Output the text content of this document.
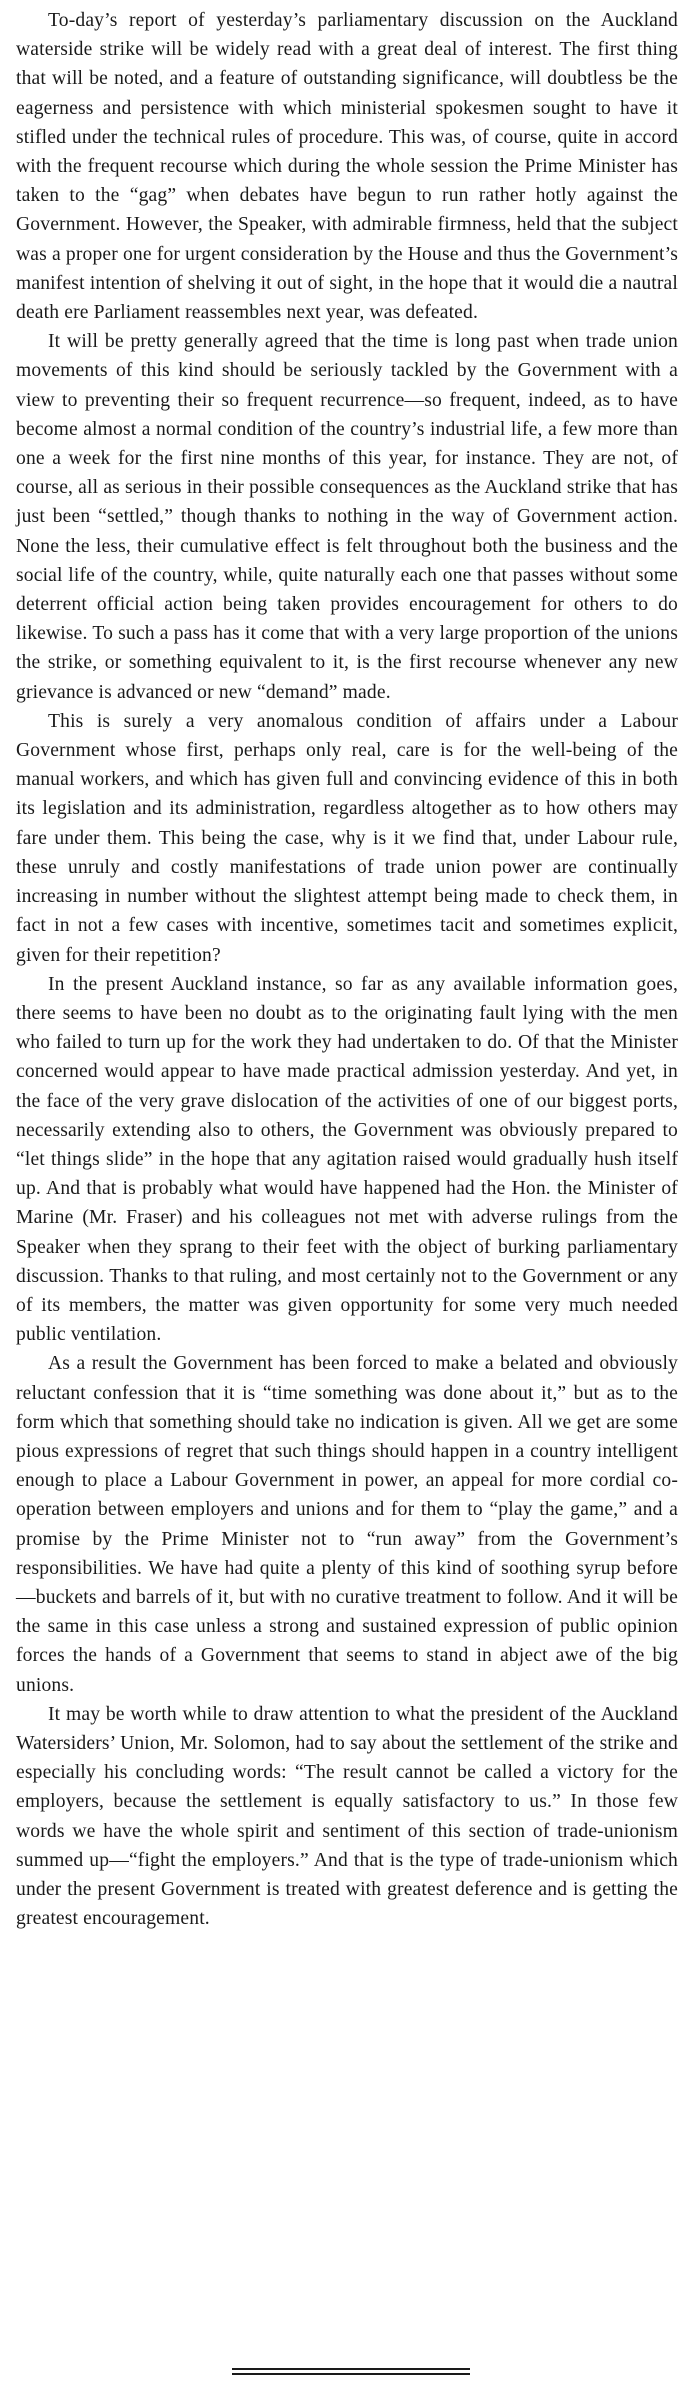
To-day’s report of yesterday’s parliamentary discussion on the Auckland waterside strike will be widely read with a great deal of interest. The first thing that will be noted, and a feature of outstanding significance, will doubtless be the eagerness and persistence with which ministerial spokesmen sought to have it stifled under the technical rules of procedure. This was, of course, quite in accord with the frequent recourse which during the whole session the Prime Minister has taken to the “gag” when debates have begun to run rather hotly against the Government. However, the Speaker, with admirable firmness, held that the subject was a proper one for urgent consideration by the House and thus the Government’s manifest intention of shelving it out of sight, in the hope that it would die a nautral death ere Parliament reassembles next year, was defeated.

It will be pretty generally agreed that the time is long past when trade union movements of this kind should be seriously tackled by the Government with a view to preventing their so frequent recurrence—so frequent, indeed, as to have become almost a normal condition of the country’s industrial life, a few more than one a week for the first nine months of this year, for instance. They are not, of course, all as serious in their possible consequences as the Auckland strike that has just been “settled,” though thanks to nothing in the way of Government action. None the less, their cumulative effect is felt throughout both the business and the social life of the country, while, quite naturally each one that passes without some deterrent official action being taken provides encouragement for others to do likewise. To such a pass has it come that with a very large proportion of the unions the strike, or something equivalent to it, is the first recourse whenever any new grievance is advanced or new “demand” made.

This is surely a very anomalous condition of affairs under a Labour Government whose first, perhaps only real, care is for the well-being of the manual workers, and which has given full and convincing evidence of this in both its legislation and its administration, regardless altogether as to how others may fare under them. This being the case, why is it we find that, under Labour rule, these unruly and costly manifestations of trade union power are continually increasing in number without the slightest attempt being made to check them, in fact in not a few cases with incentive, sometimes tacit and sometimes explicit, given for their repetition?

In the present Auckland instance, so far as any available information goes, there seems to have been no doubt as to the originating fault lying with the men who failed to turn up for the work they had undertaken to do. Of that the Minister concerned would appear to have made practical admission yesterday. And yet, in the face of the very grave dislocation of the activities of one of our biggest ports, necessarily extending also to others, the Government was obviously prepared to “let things slide” in the hope that any agitation raised would gradually hush itself up. And that is probably what would have happened had the Hon. the Minister of Marine (Mr. Fraser) and his colleagues not met with adverse rulings from the Speaker when they sprang to their feet with the object of burking parliamentary discussion. Thanks to that ruling, and most certainly not to the Government or any of its members, the matter was given opportunity for some very much needed public ventilation.

As a result the Government has been forced to make a belated and obviously reluctant confession that it is “time something was done about it,” but as to the form which that something should take no indication is given. All we get are some pious expressions of regret that such things should happen in a country intelligent enough to place a Labour Government in power, an appeal for more cordial co-operation between employers and unions and for them to “play the game,” and a promise by the Prime Minister not to “run away” from the Government’s responsibilities. We have had quite a plenty of this kind of soothing syrup before—buckets and barrels of it, but with no curative treatment to follow. And it will be the same in this case unless a strong and sustained expression of public opinion forces the hands of a Government that seems to stand in abject awe of the big unions.

It may be worth while to draw attention to what the president of the Auckland Watersiders’ Union, Mr. Solomon, had to say about the settlement of the strike and especially his concluding words: “The result cannot be called a victory for the employers, because the settlement is equally satisfactory to us.” In those few words we have the whole spirit and sentiment of this section of trade-unionism summed up—“fight the employers.” And that is the type of trade-unionism which under the present Government is treated with greatest deference and is getting the greatest encouragement.
